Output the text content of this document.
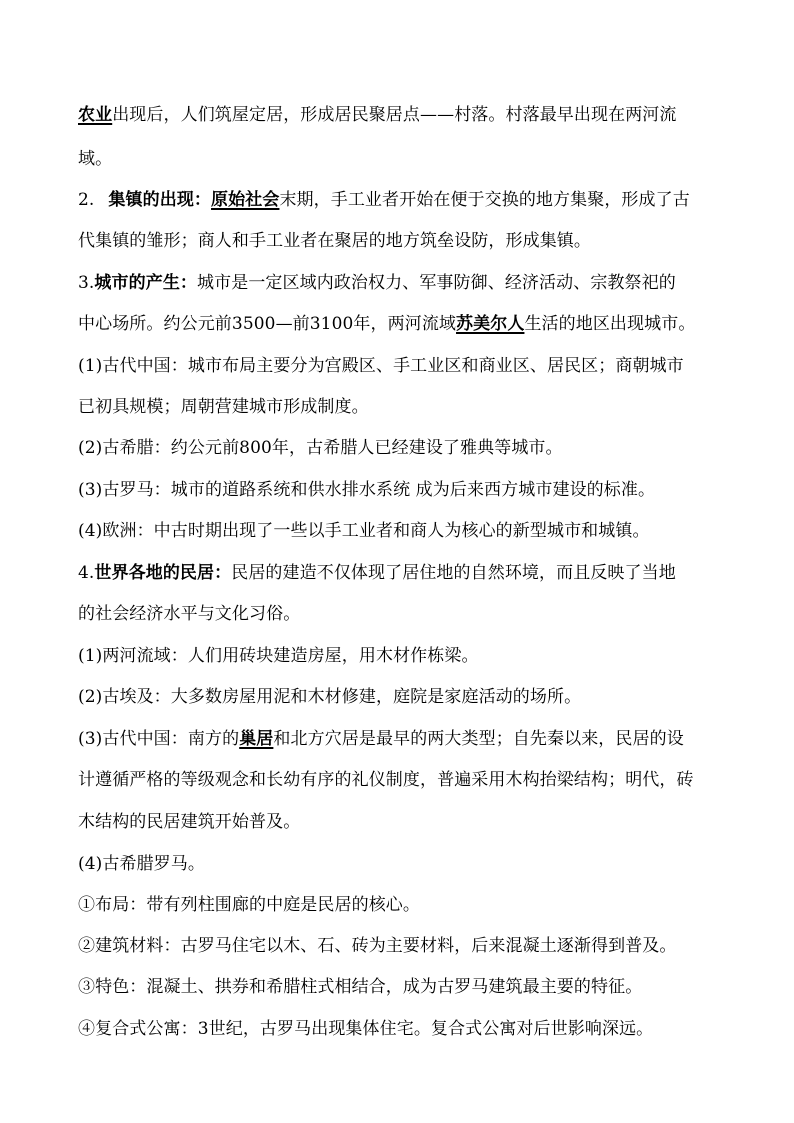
农业出现后，人们筑屋定居，形成居民聚居点——村落。村落最早出现在两河流
域。
2. 集镇的出现：原始社会末期，手工业者开始在便于交换的地方集聚，形成了古
代集镇的雏形；商人和手工业者在聚居的地方筑垒设防，形成集镇。
3.城市的产生：城市是一定区域内政治权力、军事防御、经济活动、宗教祭祀的
中心场所。约公元前3500—前3100年，两河流域苏美尔人生活的地区出现城市。
(1)古代中国：城市布局主要分为宫殿区、手工业区和商业区、居民区；商朝城市
已初具规模；周朝营建城市形成制度。
(2)古希腊：约公元前800年，古希腊人已经建设了雅典等城市。
(3)古罗马：城市的道路系统和供水排水系统 成为后来西方城市建设的标准。
(4)欧洲：中古时期出现了一些以手工业者和商人为核心的新型城市和城镇。
4.世界各地的民居：民居的建造不仅体现了居住地的自然环境，而且反映了当地
的社会经济水平与文化习俗。
(1)两河流域：人们用砖块建造房屋，用木材作栋梁。
(2)古埃及：大多数房屋用泥和木材修建，庭院是家庭活动的场所。
(3)古代中国：南方的巢居和北方穴居是最早的两大类型；自先秦以来，民居的设
计遵循严格的等级观念和长幼有序的礼仪制度，普遍采用木构抬梁结构；明代，砖
木结构的民居建筑开始普及。
(4)古希腊罗马。
①布局：带有列柱围廊的中庭是民居的核心。
②建筑材料：古罗马住宅以木、石、砖为主要材料，后来混凝土逐渐得到普及。
③特色：混凝土、拱券和希腊柱式相结合，成为古罗马建筑最主要的特征。
④复合式公寓：3世纪，古罗马出现集体住宅。复合式公寓对后世影响深远。
